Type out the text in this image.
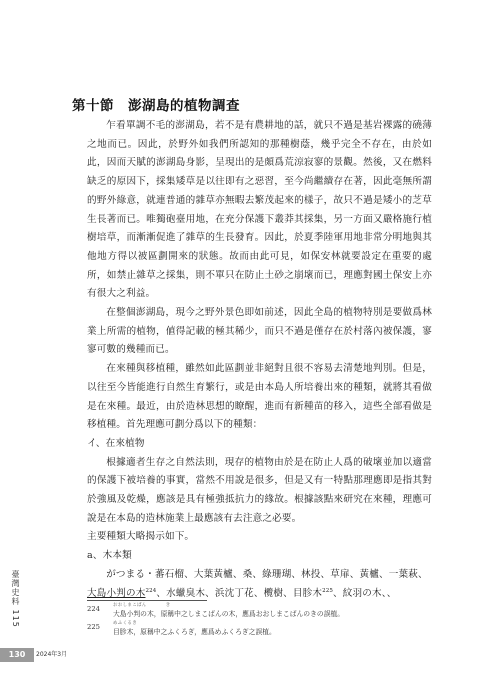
第十節　澎湖島的植物調查

乍看單調不毛的澎湖島，若不是有農耕地的話，就只不過是基岩裸露的磽薄之地而已。因此，於野外如我們所認知的那種樹蔭，幾乎完全不存在，由於如此，因而天賦的澎湖島身影，呈現出的是頗爲荒涼寂寥的景觀。然後，又在燃料缺乏的原因下，採集矮草是以往即有之惡習，至今尚繼續存在著，因此毫無所謂的野外綠意，就連普通的雜草亦無暇去繁茂起來的樣子，故只不過是矮小的芝草生長著而已。唯獨砲臺用地，在充分保護下叢莽其採集，另一方面又嚴格施行植樹培草，而漸漸促進了雜草的生長發育。因此，於夏季陸軍用地非常分明地與其他地方得以被區劃開來的狀態。故而由此可見，如保安林就要設定在重要的處所，如禁止雜草之採集，則不單只在防止土砂之崩壞而已，理應對國土保安上亦有很大之利益。

在整個澎湖島，現今之野外景色即如前述，因此全島的植物特別是要做爲林業上所需的植物，値得記載的極其稀少，而只不過是僅存在於村落內被保護，寥寥可數的幾種而已。

在來種與移植種，雖然如此區劃並非絕對且很不容易去清楚地判別。但是，以往至今皆能進行自然生育繁行，或是由本島人所培養出來的種類，就將其看做是在來種。最近，由於造林思想的瞭醒，進而有新種苗的移入，這些全部看做是移植種。首先理應可劃分爲以下的種類：

イ、在來植物

根據適者生存之自然法則，現存的植物由於是在防止人爲的破壞並加以適當的保護下被培養的事實，當然不用說是很多，但是又有一特點那理應即是指其對於強風及乾燥，應該是具有極強抵抗力的緣故。根據該點來研究在來種，理應可說是在本島的造林施業上最應該有去注意之必要。

主要種類大略揭示如下。

a、木本類

がつまる・蕃石榴、大葉黃櫨、桑、綠珊瑚、林投、草扉、黃櫨、一葉萩、

大島小判の木$^{224}$、水蠟臭木、浜沈丁花、欖樹、目胗木$^{225}$、紋羽の木、、

224	おおしまこばん　　　　き
大島小判の木，原稱中之しまこばんの木，應爲おおしまこばんのきの誤植。
225	めふくるき
目胗木，原稱中之ふくろぎ，應爲めふくろぎ之誤植。
臺灣史料 115
130	2024年3月
